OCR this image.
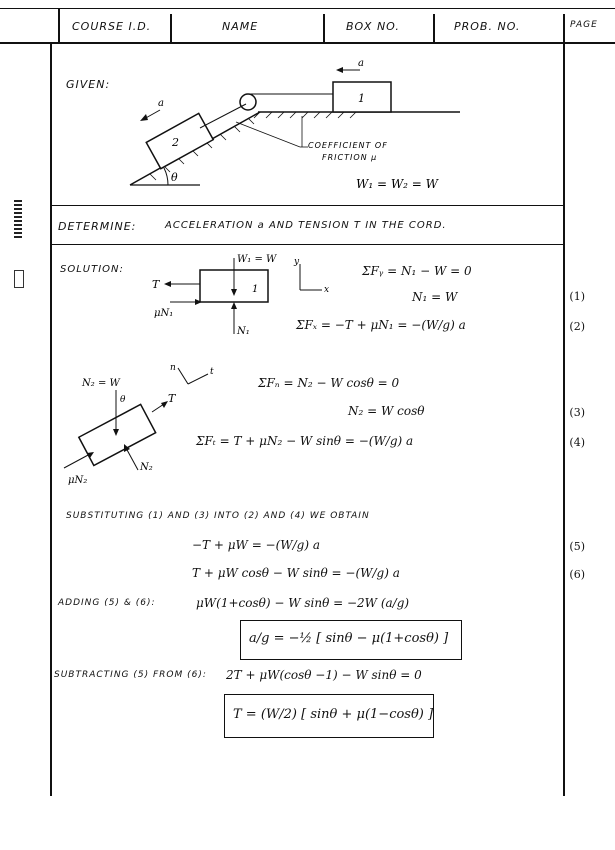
COURSE I.D.	NAME	BOX NO.	PROB. NO.	PAGE
GIVEN:
1
a
θ
2
a
COEFFICIENT OF
FRICTION μ
W₁ = W₂ = W
DETERMINE:	ACCELERATION a AND TENSION T IN THE CORD.
SOLUTION:
1
W₁ = W
T
μN₁
N₁
y
x
ΣFᵧ = N₁ − W = 0
N₁ = W
ΣFₓ = −T + μN₁ = −(W/g) a
(1)
(2)
N₂ = W
θ	T
N₂
μN₂
n	t
ΣFₙ = N₂ − W cosθ = 0
N₂ = W cosθ
ΣFₜ = T + μN₂ − W sinθ = −(W/g) a
(3)
(4)
SUBSTITUTING (1) AND (3) INTO (2) AND (4) WE OBTAIN
−T + μW = −(W/g) a
T + μW cosθ − W sinθ = −(W/g) a
(5)
(6)
ADDING (5) & (6):	μW(1+cosθ) − W sinθ = −2W (a/g)
a/g = −½ [ sinθ − μ(1+cosθ) ]
SUBTRACTING (5) FROM (6): 2T + μW(cosθ −1) − W sinθ = 0
T = (W/2) [ sinθ + μ(1−cosθ) ]
